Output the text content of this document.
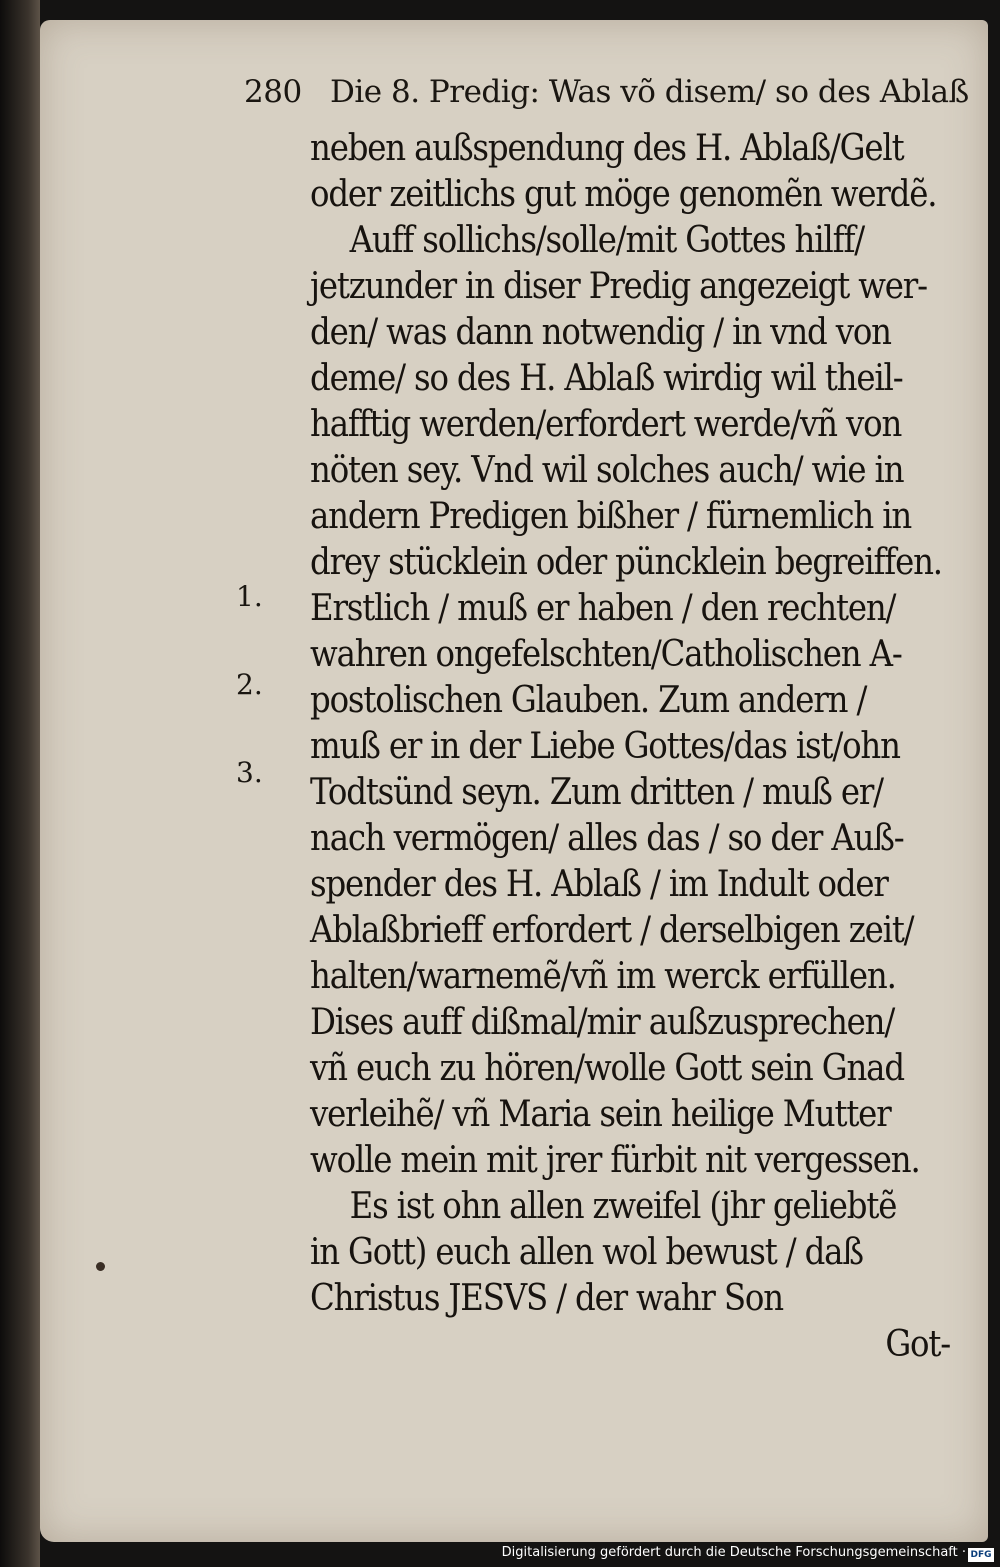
280 Die 8. Predig: Was võ disem/ so des Ablaß
1.
2.
3.
neben außspendung des H. Ablaß/Gelt
oder zeitlichs gut möge genomẽn werdẽ.
Auff sollichs/solle/mit Gottes hilff/
jetzunder in diser Predig angezeigt wer-
den/ was dann notwendig / in vnd von
deme/ so des H. Ablaß wirdig wil theil-
hafftig werden/erfordert werde/vñ von
nöten sey. Vnd wil solches auch/ wie in
andern Predigen bißher / fürnemlich in
drey stücklein oder püncklein begreiffen.
Erstlich / muß er haben / den rechten/
wahren ongefelschten/Catholischen A-
postolischen Glauben. Zum andern /
muß er in der Liebe Gottes/das ist/ohn
Todtsünd seyn. Zum dritten / muß er/
nach vermögen/ alles das / so der Auß-
spender des H. Ablaß / im Indult oder
Ablaßbrieff erfordert / derselbigen zeit/
halten/warnemẽ/vñ im werck erfüllen.
Dises auff dißmal/mir außzusprechen/
vñ euch zu hören/wolle Gott sein Gnad
verleihẽ/ vñ Maria sein heilige Mutter
wolle mein mit jrer fürbit nit vergessen.
Es ist ohn allen zweifel (jhr geliebtẽ
in Gott) euch allen wol bewust / daß
Christus JESVS / der wahr Son
Got-
Digitalisierung gefördert durch die Deutsche Forschungsgemeinschaft · DFG
